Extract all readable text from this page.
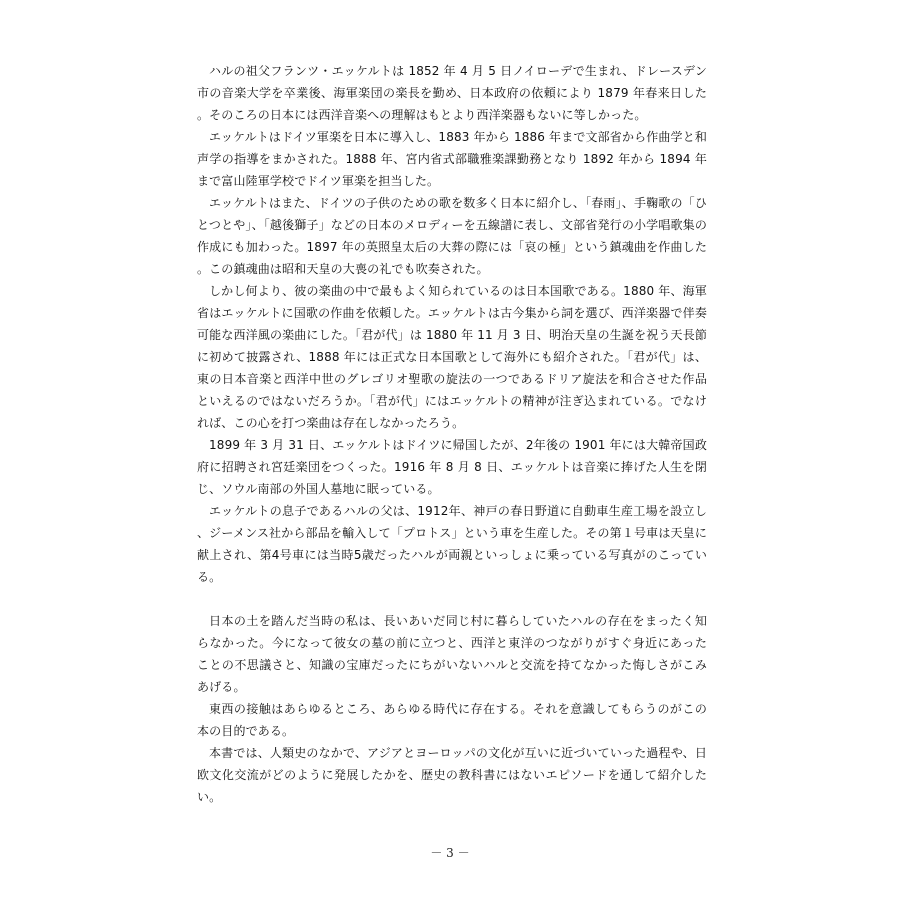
ハルの祖父フランツ・エッケルトは 1852 年 4 月 5 日ノイローデで生まれ、ドレースデン市の音楽大学を卒業後、海軍楽団の楽長を勤め、日本政府の依頼により 1879 年春来日した。そのころの日本には西洋音楽への理解はもとより西洋楽器もないに等しかった。

エッケルトはドイツ軍楽を日本に導入し、1883 年から 1886 年まで文部省から作曲学と和声学の指導をまかされた。1888 年、宮内省式部職雅楽課勤務となり 1892 年から 1894 年まで富山陸軍学校でドイツ軍楽を担当した。

エッケルトはまた、ドイツの子供のための歌を数多く日本に紹介し、「春雨」、手鞠歌の「ひとつとや」、「越後獅子」などの日本のメロディーを五線譜に表し、文部省発行の小学唱歌集の作成にも加わった。1897 年の英照皇太后の大葬の際には「哀の極」という鎮魂曲を作曲した。この鎮魂曲は昭和天皇の大喪の礼でも吹奏された。

しかし何より、彼の楽曲の中で最もよく知られているのは日本国歌である。1880 年、海軍省はエッケルトに国歌の作曲を依頼した。エッケルトは古今集から詞を選び、西洋楽器で伴奏可能な西洋風の楽曲にした。「君が代」は 1880 年 11 月 3 日、明治天皇の生誕を祝う天長節に初めて披露され、1888 年には正式な日本国歌として海外にも紹介された。「君が代」は、東の日本音楽と西洋中世のグレゴリオ聖歌の旋法の一つであるドリア旋法を和合させた作品といえるのではないだろうか。「君が代」にはエッケルトの精神が注ぎ込まれている。でなければ、この心を打つ楽曲は存在しなかったろう。

1899 年 3 月 31 日、エッケルトはドイツに帰国したが、2年後の 1901 年には大韓帝国政府に招聘され宮廷楽団をつくった。1916 年 8 月 8 日、エッケルトは音楽に捧げた人生を閉じ、ソウル南部の外国人墓地に眠っている。

エッケルトの息子であるハルの父は、1912年、神戸の春日野道に自動車生産工場を設立し、ジーメンス社から部品を輸入して「プロトス」という車を生産した。その第１号車は天皇に献上され、第4号車には当時5歳だったハルが両親といっしょに乗っている写真がのこっている。

日本の土を踏んだ当時の私は、長いあいだ同じ村に暮らしていたハルの存在をまったく知らなかった。今になって彼女の墓の前に立つと、西洋と東洋のつながりがすぐ身近にあったことの不思議さと、知識の宝庫だったにちがいないハルと交流を持てなかった悔しさがこみあげる。

東西の接触はあらゆるところ、あらゆる時代に存在する。それを意識してもらうのがこの本の目的である。

本書では、人類史のなかで、アジアとヨーロッパの文化が互いに近づいていった過程や、日欧文化交流がどのように発展したかを、歴史の教科書にはないエピソードを通して紹介したい。

－ 3 －
